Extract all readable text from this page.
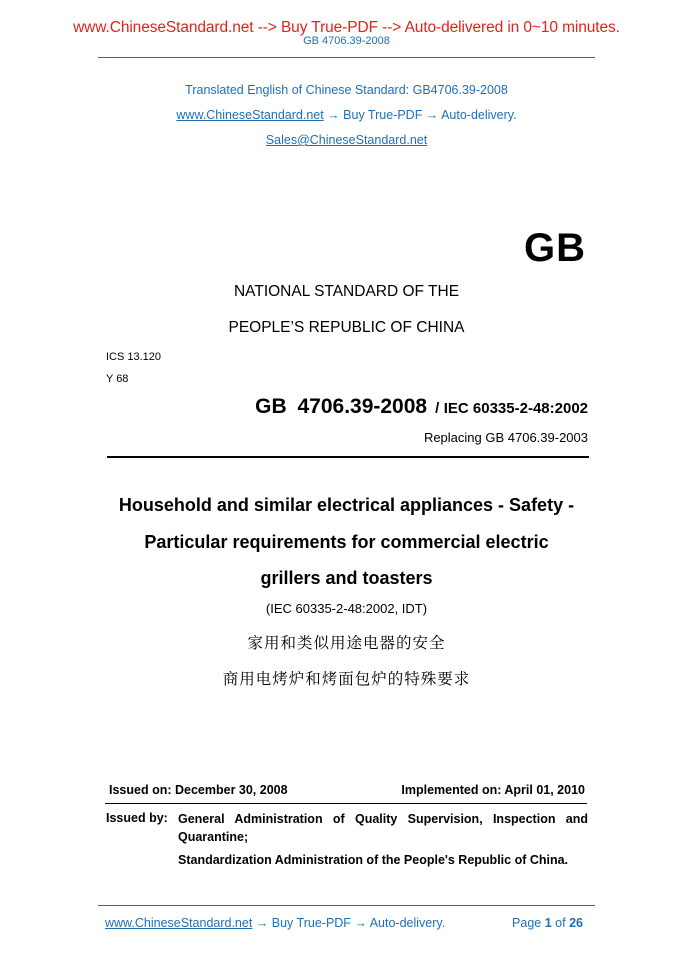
www.ChineseStandard.net --> Buy True-PDF --> Auto-delivered in 0~10 minutes.
GB 4706.39-2008
Translated English of Chinese Standard: GB4706.39-2008
www.ChineseStandard.net → Buy True-PDF → Auto-delivery.
Sales@ChineseStandard.net
GB
NATIONAL STANDARD OF THE
PEOPLE’S REPUBLIC OF CHINA
ICS 13.120
Y 68
GB 4706.39-2008 / IEC 60335-2-48:2002
Replacing GB 4706.39-2003
Household and similar electrical appliances - Safety -
Particular requirements for commercial electric
grillers and toasters
(IEC 60335-2-48:2002, IDT)
家用和类似用途电器的安全
商用电烤炉和烤面包炉的特殊要求
Issued on: December 30, 2008	Implemented on: April 01, 2010
Issued by: General Administration of Quality Supervision, Inspection and Quarantine;
Standardization Administration of the People's Republic of China.
www.ChineseStandard.net → Buy True-PDF → Auto-delivery.	Page 1 of 26
